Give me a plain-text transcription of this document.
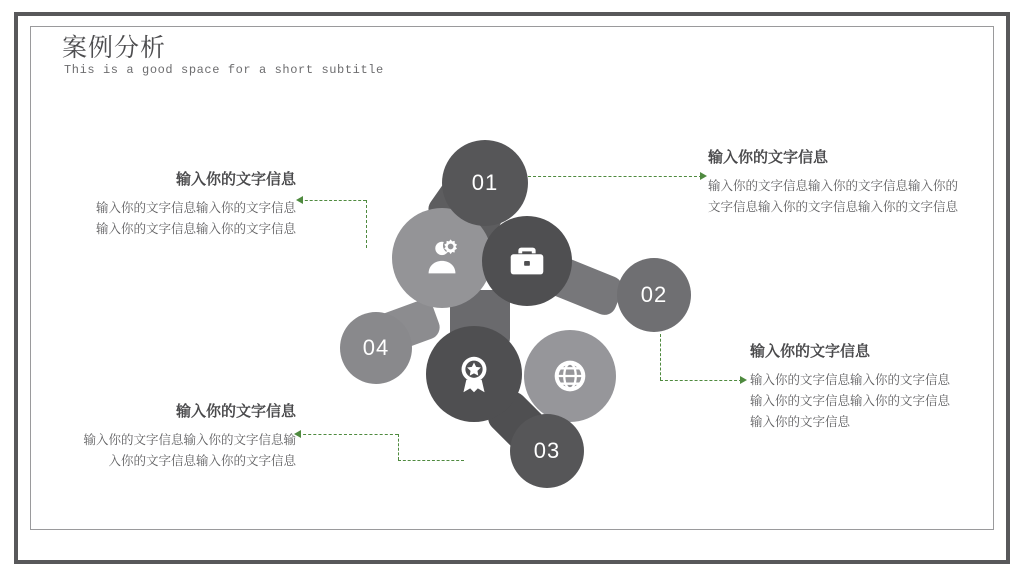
案例分析
This is a good space for a short subtitle
01
02
03
04
输入你的文字信息
输入你的文字信息输入你的文字信息输入你的文字信息输入你的文字信息
输入你的文字信息
输入你的文字信息输入你的文字信息输入你的文字信息输入你的文字信息输入你的文字信息
输入你的文字信息
输入你的文字信息输入你的文字信息输入你的文字信息输入你的文字信息
输入你的文字信息
输入你的文字信息输入你的文字信息输入你的文字信息输入你的文字信息输入你的文字信息
